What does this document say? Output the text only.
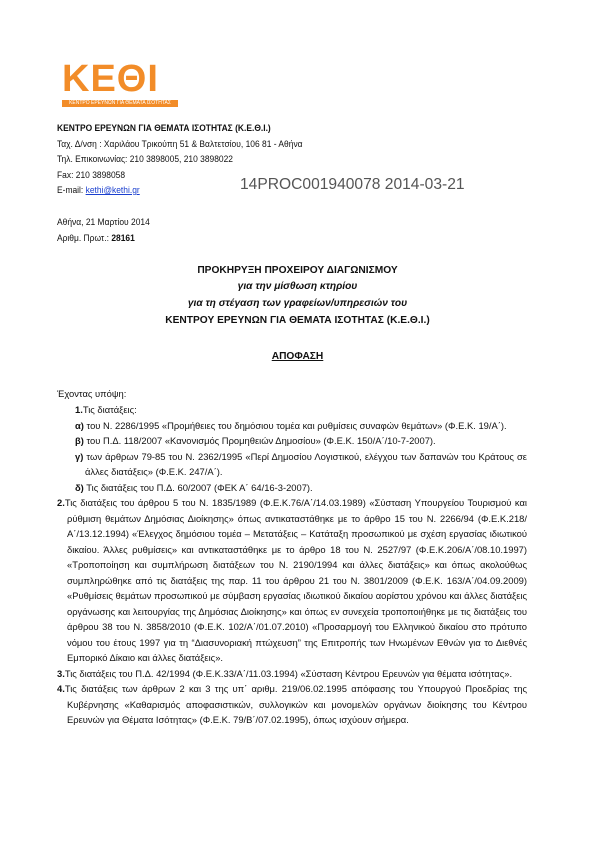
ΚΕΘΙ
ΚΕΝΤΡΟ ΕΡΕΥΝΩΝ ΓΙΑ ΘΕΜΑΤΑ ΙΣΟΤΗΤΑΣ
ΚΕΝΤΡΟ ΕΡΕΥΝΩΝ ΓΙΑ ΘΕΜΑΤΑ ΙΣΟΤΗΤΑΣ (Κ.Ε.Θ.Ι.)
Ταχ. Δ/νση : Χαριλάου Τρικούπη 51 & Βαλτετσίου, 106 81 - Αθήνα
Τηλ. Επικοινωνίας: 210 3898005, 210 3898022
Fax: 210 3898058
E-mail: kethi@kethi.gr	14PROC001940078 2014-03-21
Αθήνα, 21 Μαρτίου 2014
Αριθμ. Πρωτ.: 28161
ΠΡΟΚΗΡΥΞΗ ΠΡΟΧΕΙΡΟΥ ΔΙΑΓΩΝΙΣΜΟΥ
για την μίσθωση κτηρίου
για τη στέγαση των γραφείων/υπηρεσιών του
ΚΕΝΤΡΟΥ ΕΡΕΥΝΩΝ ΓΙΑ ΘΕΜΑΤΑ ΙΣΟΤΗΤΑΣ (Κ.Ε.Θ.Ι.)
ΑΠΟΦΑΣΗ
Έχοντας υπόψη:
1.Τις διατάξεις:
α) του Ν. 2286/1995 «Προμήθειες του δημόσιου τομέα και ρυθμίσεις συναφών θεμάτων» (Φ.Ε.Κ. 19/Α΄).
β) του Π.Δ. 118/2007 «Κανονισμός Προμηθειών Δημοσίου» (Φ.Ε.Κ. 150/Α΄/10-7-2007).
γ) των άρθρων 79-85 του Ν. 2362/1995 «Περί Δημοσίου Λογιστικού, ελέγχου των δαπανών του Κράτους σε άλλες διατάξεις» (Φ.Ε.Κ. 247/Α΄).
δ) Τις διατάξεις του Π.Δ. 60/2007 (ΦΕΚ Α΄ 64/16-3-2007).
2.Τις διατάξεις του άρθρου 5 του Ν. 1835/1989 (Φ.Ε.Κ.76/Α΄/14.03.1989) «Σύσταση Υπουργείου Τουρισμού και ρύθμιση θεμάτων Δημόσιας Διοίκησης» όπως αντικαταστάθηκε με το άρθρο 15 του Ν. 2266/94 (Φ.Ε.Κ.218/Α΄/13.12.1994) «Έλεγχος δημόσιου τομέα – Μετατάξεις – Κατάταξη προσωπικού με σχέση εργασίας ιδιωτικού δικαίου. Άλλες ρυθμίσεις» και αντικαταστάθηκε με το άρθρο 18 του Ν. 2527/97 (Φ.Ε.Κ.206/Α΄/08.10.1997) «Τροποποίηση και συμπλήρωση διατάξεων του Ν. 2190/1994 και άλλες διατάξεις» και όπως ακολούθως συμπληρώθηκε από τις διατάξεις της παρ. 11 του άρθρου 21 του Ν. 3801/2009 (Φ.Ε.Κ. 163/Α΄/04.09.2009) «Ρυθμίσεις θεμάτων προσωπικού με σύμβαση εργασίας ιδιωτικού δικαίου αορίστου χρόνου και άλλες διατάξεις οργάνωσης και λειτουργίας της Δημόσιας Διοίκησης» και όπως εν συνεχεία τροποποιήθηκε με τις διατάξεις του άρθρου 38 του Ν. 3858/2010 (Φ.Ε.Κ. 102/Α΄/01.07.2010) «Προσαρμογή του Ελληνικού δικαίου στο πρότυπο νόμου του έτους 1997 για τη “Διασυνοριακή πτώχευση” της Επιτροπής των Ηνωμένων Εθνών για το Διεθνές Εμπορικό Δίκαιο και άλλες διατάξεις».
3.Τις διατάξεις του Π.Δ. 42/1994 (Φ.Ε.Κ.33/Α΄/11.03.1994) «Σύσταση Κέντρου Ερευνών για θέματα ισότητας».
4.Τις διατάξεις των άρθρων 2 και 3 της υπ΄ αριθμ. 219/06.02.1995 απόφασης του Υπουργού Προεδρίας της Κυβέρνησης «Καθαρισμός αποφασιστικών, συλλογικών και μονομελών οργάνων διοίκησης του Κέντρου Ερευνών για Θέματα Ισότητας» (Φ.Ε.Κ. 79/Β΄/07.02.1995), όπως ισχύουν σήμερα.
